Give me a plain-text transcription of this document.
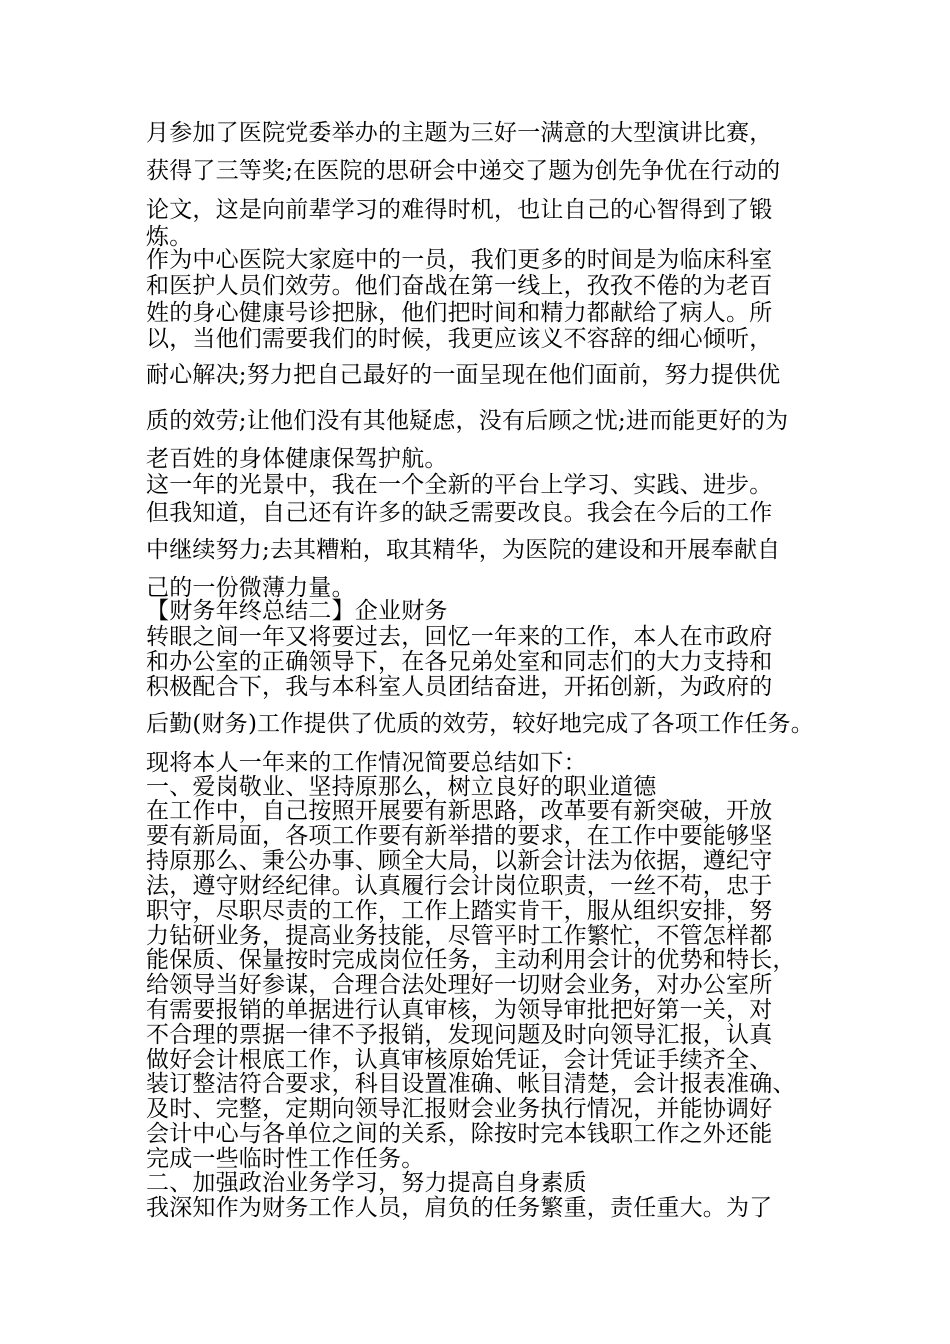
月参加了医院党委举办的主题为三好一满意的大型演讲比赛，
获得了三等奖;在医院的思研会中递交了题为创先争优在行动的
论文，这是向前辈学习的难得时机，也让自己的心智得到了锻
炼。
作为中心医院大家庭中的一员，我们更多的时间是为临床科室
和医护人员们效劳。他们奋战在第一线上，孜孜不倦的为老百
姓的身心健康号诊把脉，他们把时间和精力都献给了病人。所
以，当他们需要我们的时候，我更应该义不容辞的细心倾听，
耐心解决;努力把自己最好的一面呈现在他们面前，努力提供优
质的效劳;让他们没有其他疑虑，没有后顾之忧;进而能更好的为
老百姓的身体健康保驾护航。
这一年的光景中，我在一个全新的平台上学习、实践、进步。
但我知道，自己还有许多的缺乏需要改良。我会在今后的工作
中继续努力;去其糟粕，取其精华，为医院的建设和开展奉献自
己的一份微薄力量。
【财务年终总结二】企业财务
转眼之间一年又将要过去，回忆一年来的工作，本人在市政府
和办公室的正确领导下，在各兄弟处室和同志们的大力支持和
积极配合下，我与本科室人员团结奋进，开拓创新，为政府的
后勤(财务)工作提供了优质的效劳，较好地完成了各项工作任务。
现将本人一年来的工作情况简要总结如下：
一、爱岗敬业、坚持原那么，树立良好的职业道德
在工作中，自己按照开展要有新思路，改革要有新突破，开放
要有新局面，各项工作要有新举措的要求，在工作中要能够坚
持原那么、秉公办事、顾全大局，以新会计法为依据，遵纪守
法，遵守财经纪律。认真履行会计岗位职责，一丝不苟，忠于
职守，尽职尽责的工作，工作上踏实肯干，服从组织安排，努
力钻研业务，提高业务技能，尽管平时工作繁忙，不管怎样都
能保质、保量按时完成岗位任务，主动利用会计的优势和特长，
给领导当好参谋，合理合法处理好一切财会业务，对办公室所
有需要报销的单据进行认真审核，为领导审批把好第一关，对
不合理的票据一律不予报销，发现问题及时向领导汇报，认真
做好会计根底工作，认真审核原始凭证，会计凭证手续齐全、
装订整洁符合要求，科目设置准确、帐目清楚，会计报表准确、
及时、完整，定期向领导汇报财会业务执行情况，并能协调好
会计中心与各单位之间的关系，除按时完本钱职工作之外还能
完成一些临时性工作任务。
二、加强政治业务学习，努力提高自身素质
我深知作为财务工作人员，肩负的任务繁重，责任重大。为了
